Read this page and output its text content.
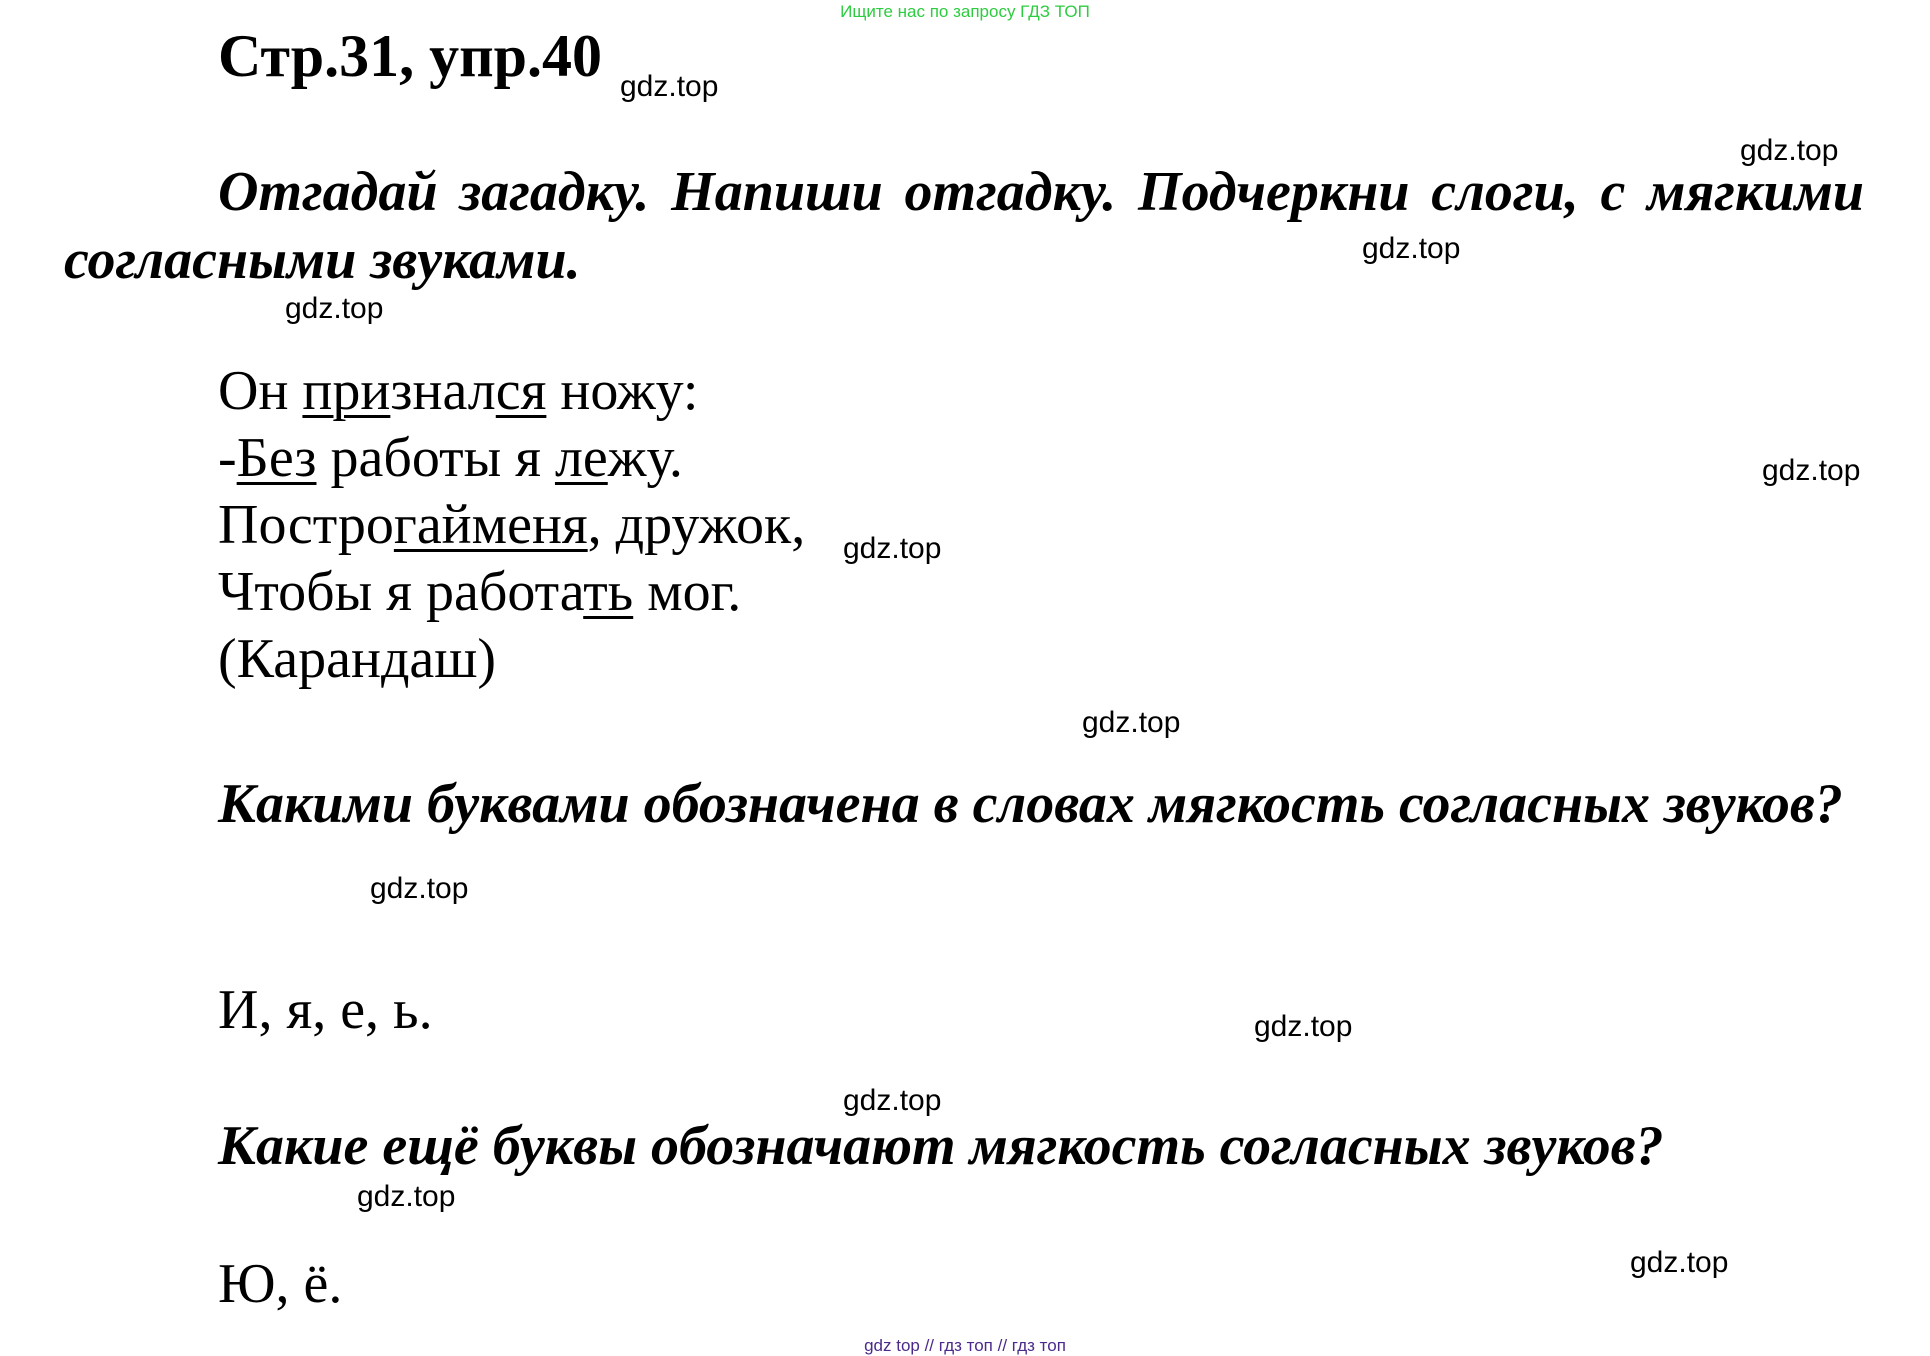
Ищите нас по запросу ГДЗ ТОП
Стр.31, упр.40
Отгадай загадку. Напиши отгадку. Подчеркни слоги, с мягкими согласными звуками.
Он признался ножу:
-Без работы я лежу.
Построгайменя, дружок,
Чтобы я работать мог.
(Карандаш)
Какими буквами обозначена в словах мягкость согласных звуков?
И, я, е, ь.
Какие ещё буквы обозначают мягкость согласных звуков?
Ю, ё.
gdz.top
gdz.top
gdz.top
gdz.top
gdz.top
gdz.top
gdz.top
gdz.top
gdz.top
gdz.top
gdz.top
gdz.top
gdz top // гдз топ // гдз топ
